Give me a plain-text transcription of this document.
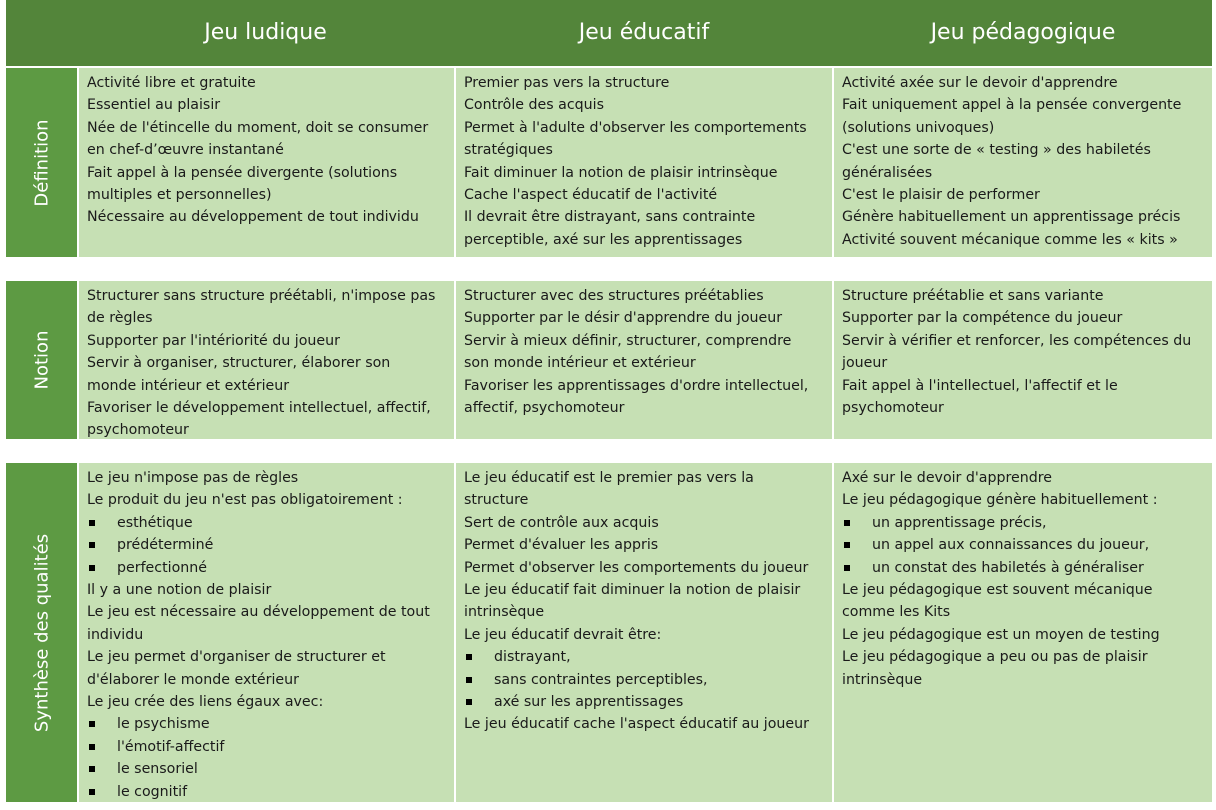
Jeu ludique	Jeu éducatif	Jeu pédagogique
Définition
Activité libre et gratuite
Essentiel au plaisir
Née de l'étincelle du moment, doit se consumer
en chef-d’œuvre instantané
Fait appel à la pensée divergente (solutions
multiples et personnelles)
Nécessaire au développement de tout individu
Premier pas vers la structure
Contrôle des acquis
Permet à l'adulte d'observer les comportements
stratégiques
Fait diminuer la notion de plaisir intrinsèque
Cache l'aspect éducatif de l'activité
Il devrait être distrayant, sans contrainte
perceptible, axé sur les apprentissages
Activité axée sur le devoir d'apprendre
Fait uniquement appel à la pensée convergente
(solutions univoques)
C'est une sorte de « testing » des habiletés
généralisées
C'est le plaisir de performer
Génère habituellement un apprentissage précis
Activité souvent mécanique comme les « kits »
Notion
Structurer sans structure préétabli, n'impose pas
de règles
Supporter par l'intériorité du joueur
Servir à organiser, structurer, élaborer son
monde intérieur et extérieur
Favoriser le développement intellectuel, affectif,
psychomoteur
Structurer avec des structures préétablies
Supporter par le désir d'apprendre du joueur
Servir à mieux définir, structurer, comprendre
son monde intérieur et extérieur
Favoriser les apprentissages d'ordre intellectuel,
affectif, psychomoteur
Structure préétablie et sans variante
Supporter par la compétence du joueur
Servir à vérifier et renforcer, les compétences du
joueur
Fait appel à l'intellectuel, l'affectif et le
psychomoteur
Synthèse des qualités
Le jeu n'impose pas de règles
Le produit du jeu n'est pas obligatoirement :
esthétique
prédéterminé
perfectionné
Il y a une notion de plaisir
Le jeu est nécessaire au développement de tout
individu
Le jeu permet d'organiser de structurer et
d'élaborer le monde extérieur
Le jeu crée des liens égaux avec:
le psychisme
l'émotif-affectif
le sensoriel
le cognitif
Le jeu éducatif est le premier pas vers la
structure
Sert de contrôle aux acquis
Permet d'évaluer les appris
Permet d'observer les comportements du joueur
Le jeu éducatif fait diminuer la notion de plaisir
intrinsèque
Le jeu éducatif devrait être:
distrayant,
sans contraintes perceptibles,
axé sur les apprentissages
Le jeu éducatif cache l'aspect éducatif au joueur
Axé sur le devoir d'apprendre
Le jeu pédagogique génère habituellement :
un apprentissage précis,
un appel aux connaissances du joueur,
un constat des habiletés à généraliser
Le jeu pédagogique est souvent mécanique
comme les Kits
Le jeu pédagogique est un moyen de testing
Le jeu pédagogique a peu ou pas de plaisir
intrinsèque
